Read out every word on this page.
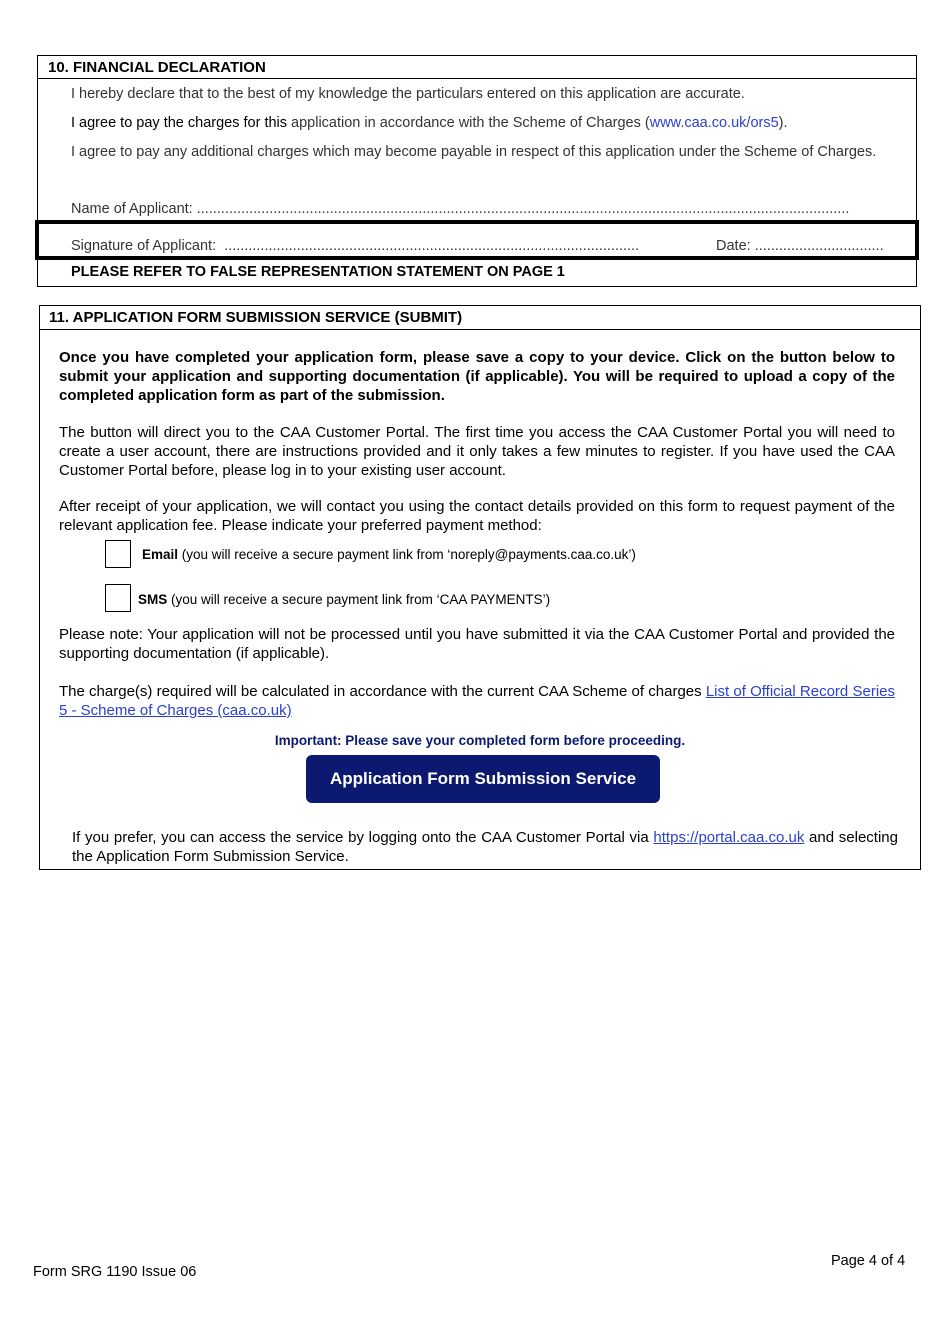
10. FINANCIAL DECLARATION
I hereby declare that to the best of my knowledge the particulars entered on this application are accurate.
I agree to pay the charges for this application in accordance with the Scheme of Charges (www.caa.co.uk/ors5).
I agree to pay any additional charges which may become payable in respect of this application under the Scheme of Charges.
Name of Applicant: ..................................................................................................................................................................
Signature of Applicant: .......................................................................................................	Date: ................................
PLEASE REFER TO FALSE REPRESENTATION STATEMENT ON PAGE 1
11. APPLICATION FORM SUBMISSION SERVICE (SUBMIT)
Once you have completed your application form, please save a copy to your device. Click on the button below to submit your application and supporting documentation (if applicable). You will be required to upload a copy of the completed application form as part of the submission.
The button will direct you to the CAA Customer Portal. The first time you access the CAA Customer Portal you will need to create a user account, there are instructions provided and it only takes a few minutes to register. If you have used the CAA Customer Portal before, please log in to your existing user account.
After receipt of your application, we will contact you using the contact details provided on this form to request payment of the relevant application fee. Please indicate your preferred payment method:
Email (you will receive a secure payment link from ‘noreply@payments.caa.co.uk’)
SMS (you will receive a secure payment link from ‘CAA PAYMENTS’)
Please note: Your application will not be processed until you have submitted it via the CAA Customer Portal and provided the supporting documentation (if applicable).
The charge(s) required will be calculated in accordance with the current CAA Scheme of charges List of Official Record Series 5 - Scheme of Charges (caa.co.uk)
Important: Please save your completed form before proceeding.
Application Form Submission Service
If you prefer, you can access the service by logging onto the CAA Customer Portal via https://portal.caa.co.uk and selecting the Application Form Submission Service.
Form SRG 1190 Issue 06
Page 4 of 4
